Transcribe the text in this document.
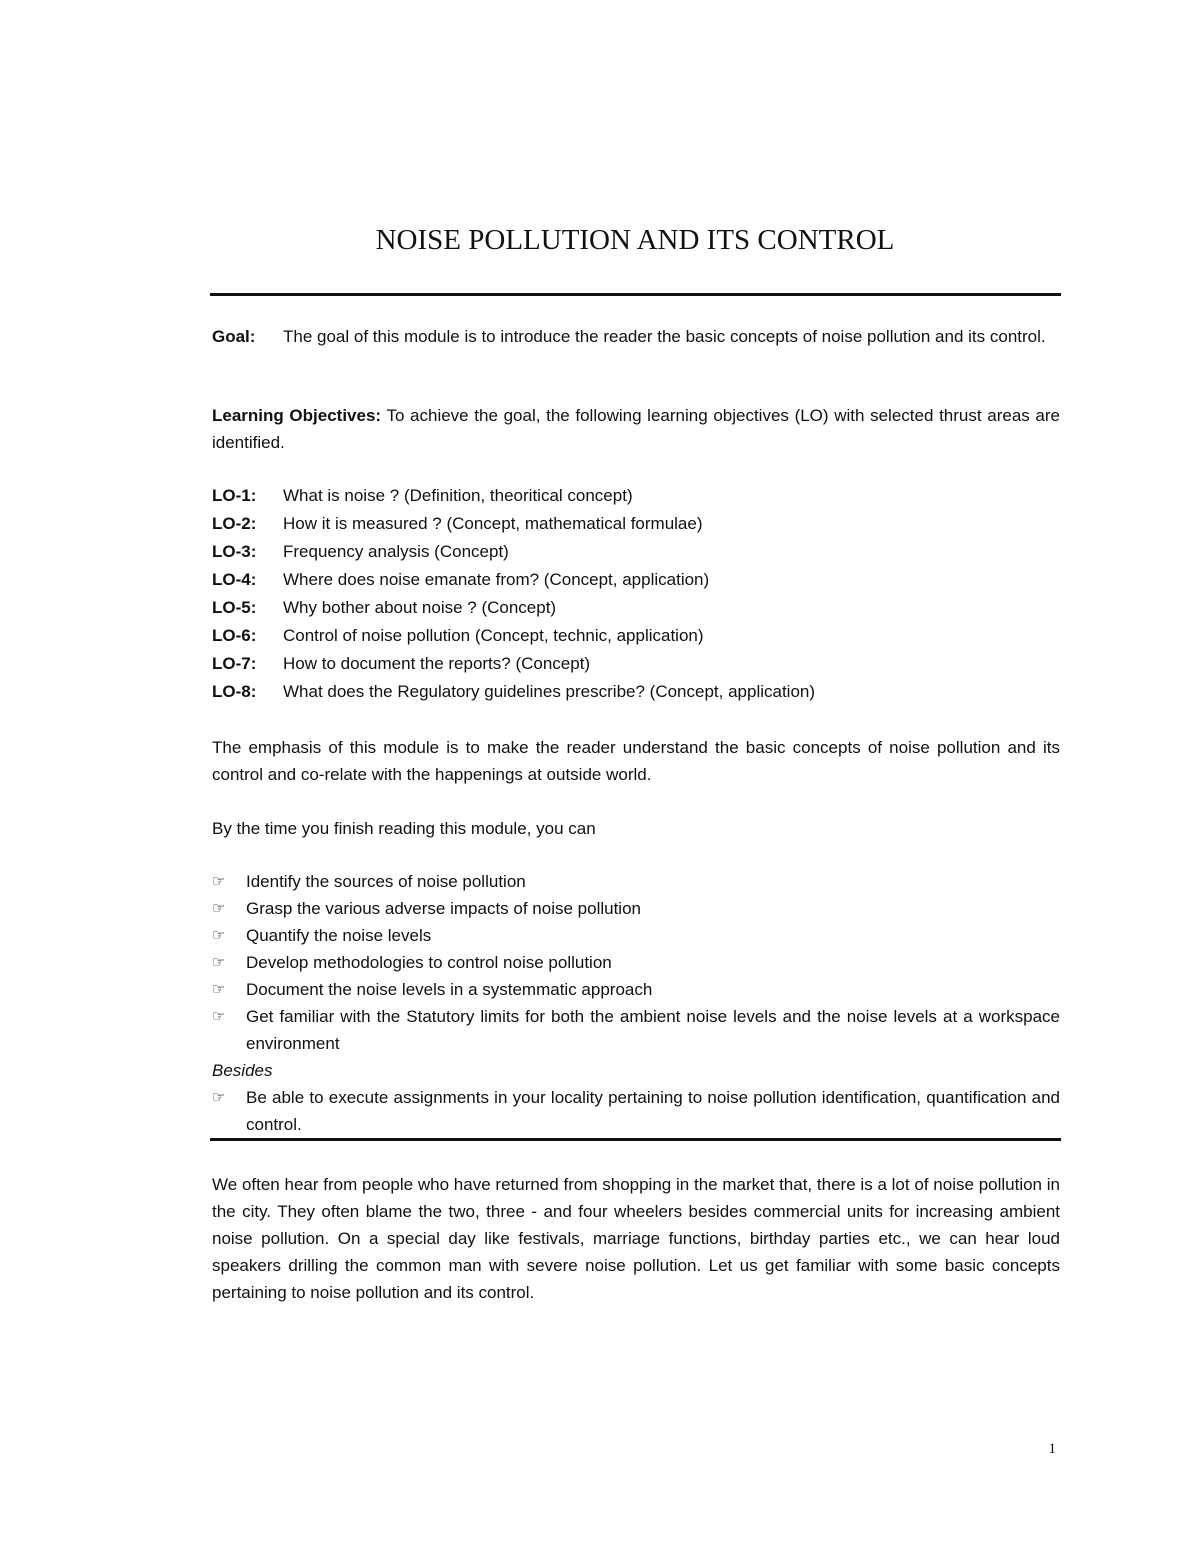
NOISE POLLUTION AND ITS CONTROL
Goal:	The goal of this module is to introduce the reader the basic concepts of noise pollution and its control.
Learning Objectives: To achieve the goal, the following learning objectives (LO) with selected thrust areas are identified.
LO-1:	What is noise ? (Definition, theoritical concept)
LO-2:	How it is measured ? (Concept, mathematical formulae)
LO-3:	Frequency analysis (Concept)
LO-4:	Where does noise emanate from? (Concept, application)
LO-5:	Why bother about noise ? (Concept)
LO-6:	Control of noise pollution (Concept, technic, application)
LO-7:	How to document the reports? (Concept)
LO-8:	What does the Regulatory guidelines prescribe? (Concept, application)
The emphasis of this module is to make the reader understand the basic concepts of noise pollution and its control and co-relate with the happenings at outside world.
By the time you finish reading this module, you can
☞	Identify the sources of noise pollution
☞	Grasp the various adverse impacts of noise pollution
☞	Quantify the noise levels
☞	Develop methodologies to control noise pollution
☞	Document the noise levels in a systemmatic approach
☞	Get familiar with the Statutory limits for both the ambient noise levels and the noise levels at a workspace environment
Besides
☞	Be able to execute assignments in your locality pertaining to noise pollution identification, quantification and control.
We often hear from people who have returned from shopping in the market that, there is a lot of noise pollution in the city. They often blame the two, three - and four wheelers besides commercial units for increasing ambient noise pollution. On a special day like festivals, marriage functions, birthday parties etc., we can hear loud speakers drilling the common man with severe noise pollution. Let us get familiar with some basic concepts pertaining to noise pollution and its control.
1
